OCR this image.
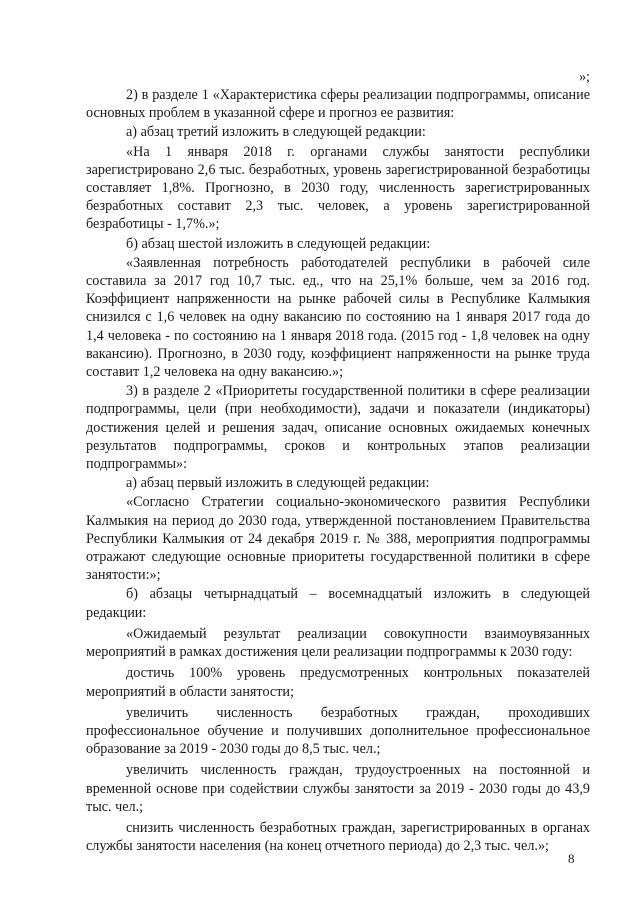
»;

2) в разделе 1 «Характеристика сферы реализации подпрограммы, описание основных проблем в указанной сфере и прогноз ее развития:

а) абзац третий изложить в следующей редакции:

«На 1 января 2018 г. органами службы занятости республики зарегистрировано 2,6 тыс. безработных, уровень зарегистрированной безработицы составляет 1,8%. Прогнозно, в 2030 году, численность зарегистрированных безработных составит 2,3 тыс. человек, а уровень зарегистрированной безработицы - 1,7%.»;

б) абзац шестой изложить в следующей редакции:

«Заявленная потребность работодателей республики в рабочей силе составила за 2017 год 10,7 тыс. ед., что на 25,1% больше, чем за 2016 год. Коэффициент напряженности на рынке рабочей силы в Республике Калмыкия снизился с 1,6 человек на одну вакансию по состоянию на 1 января 2017 года до 1,4 человека - по состоянию на 1 января 2018 года. (2015 год - 1,8 человек на одну вакансию). Прогнозно, в 2030 году, коэффициент напряженности на рынке труда составит 1,2 человека на одну вакансию.»;

3) в разделе 2 «Приоритеты государственной политики в сфере реализации подпрограммы, цели (при необходимости), задачи и показатели (индикаторы) достижения целей и решения задач, описание основных ожидаемых конечных результатов подпрограммы, сроков и контрольных этапов реализации подпрограммы»:

а) абзац первый изложить в следующей редакции:

«Согласно Стратегии социально-экономического развития Республики Калмыкия на период до 2030 года, утвержденной постановлением Правительства Республики Калмыкия от 24 декабря 2019 г. № 388, мероприятия подпрограммы отражают следующие основные приоритеты государственной политики в сфере занятости:»;

б) абзацы четырнадцатый – восемнадцатый изложить в следующей редакции:

«Ожидаемый результат реализации совокупности взаимоувязанных мероприятий в рамках достижения цели реализации подпрограммы к 2030 году:

достичь 100% уровень предусмотренных контрольных показателей мероприятий в области занятости;

увеличить численность безработных граждан, проходивших профессиональное обучение и получивших дополнительное профессиональное образование за 2019 - 2030 годы до 8,5 тыс. чел.;

увеличить численность граждан, трудоустроенных на постоянной и временной основе при содействии службы занятости за 2019 - 2030 годы до 43,9 тыс. чел.;

снизить численность безработных граждан, зарегистрированных в органах службы занятости населения (на конец отчетного периода) до 2,3 тыс. чел.»;

8
